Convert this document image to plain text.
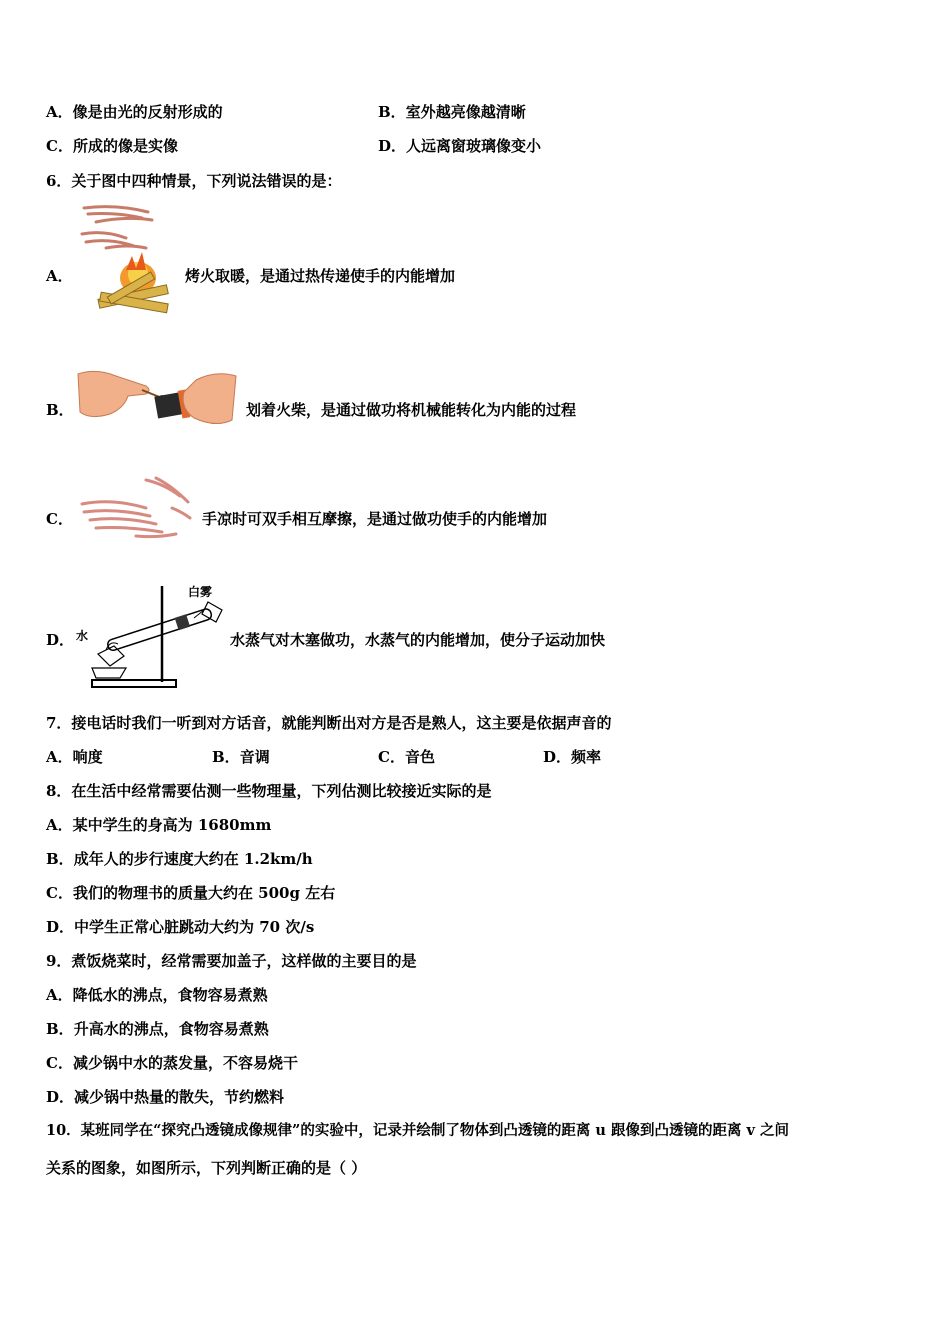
A．像是由光的反射形成的	B．室外越亮像越清晰
C．所成的像是实像	D．人远离窗玻璃像变小
6．关于图中四种情景，下列说法错误的是：
A．	烤火取暖，是通过热传递使手的内能增加
B．	划着火柴，是通过做功将机械能转化为内能的过程
C．	手凉时可双手相互摩擦，是通过做功使手的内能增加
D．
白雾
水	水蒸气对木塞做功，水蒸气的内能增加，使分子运动加快
7．接电话时我们一听到对方话音，就能判断出对方是否是熟人，这主要是依据声音的
A．响度	B．音调	C．音色	D．频率
8．在生活中经常需要估测一些物理量，下列估测比较接近实际的是
A．某中学生的身高为 1680mm
B．成年人的步行速度大约在 1.2km/h
C．我们的物理书的质量大约在 500g 左右
D．中学生正常心脏跳动大约为 70 次/s
9．煮饭烧菜时，经常需要加盖子，这样做的主要目的是
A．降低水的沸点，食物容易煮熟
B．升高水的沸点，食物容易煮熟
C．减少锅中水的蒸发量，不容易烧干
D．减少锅中热量的散失，节约燃料
10．某班同学在“探究凸透镜成像规律”的实验中，记录并绘制了物体到凸透镜的距离 u 跟像到凸透镜的距离 v 之间
关系的图象，如图所示，下列判断正确的是（ ）
